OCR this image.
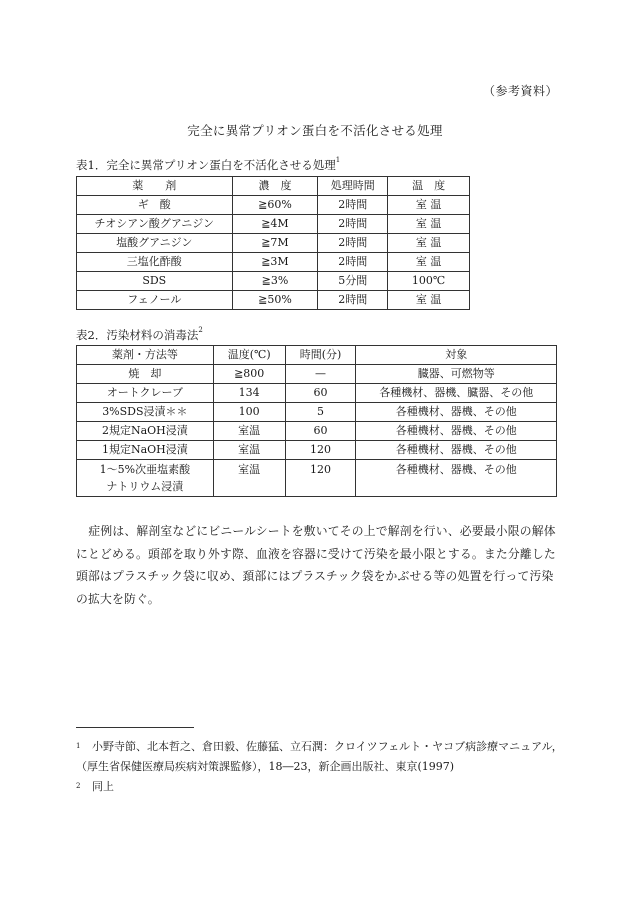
（参考資料）
完全に異常プリオン蛋白を不活化させる処理
表1．完全に異常プリオン蛋白を不活化させる処理$^1$
薬　　剤	濃　度	処理時間	温　度
ギ　酸	≧60%	2時間	室 温
チオシアン酸グアニジン	≧4M	2時間	室 温
塩酸グアニジン	≧7M	2時間	室 温
三塩化酢酸	≧3M	2時間	室 温
SDS	≧3%	5分間	100℃
フェノール	≧50%	2時間	室 温
表2．汚染材料の消毒法$^2$
薬剤・方法等	温度(℃)	時間(分)	対象
焼　却	≧800	—	臓器、可燃物等
オートクレーブ	134	60	各種機材、器機、臓器、その他
3%SDS浸漬＊＊	100	5	各種機材、器機、その他
2規定NaOH浸漬	室温	60	各種機材、器機、その他
1規定NaOH浸漬	室温	120	各種機材、器機、その他

1～5%次亜塩素酸
ナトリウム浸漬	室温	120	各種機材、器機、その他
症例は、解剖室などにビニールシートを敷いてその上で解剖を行い、必要最小限の解体にとどめる。頭部を取り外す際、血液を容器に受けて汚染を最小限とする。また分離した頭部はプラスチック袋に収め、頚部にはプラスチック袋をかぶせる等の処置を行って汚染の拡大を防ぐ。
1 小野寺節、北本哲之、倉田毅、佐藤猛、立石潤：クロイツフェルト・ヤコブ病診療マニュアル，（厚生省保健医療局疾病対策課監修），18―23，新企画出版社、東京(1997)
2 同上
